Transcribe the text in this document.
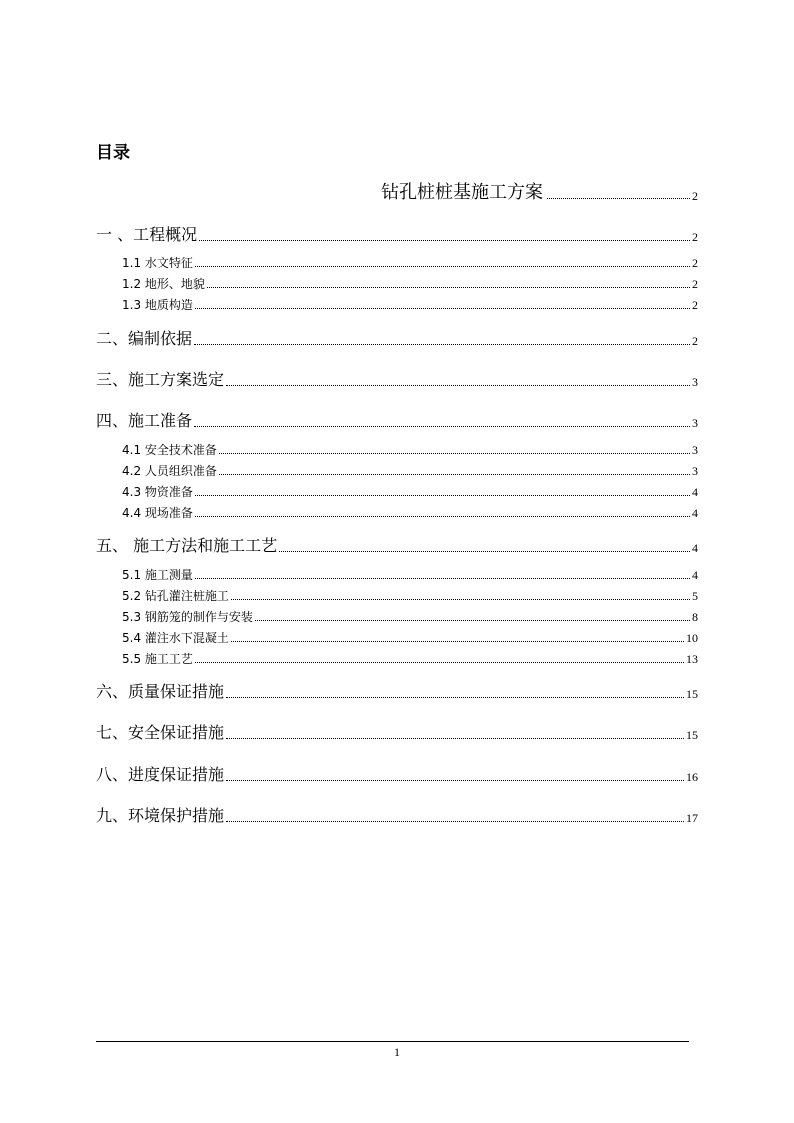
目录
钻孔桩桩基施工方案	2
一 、工程概况	2
1.1 水文特征	2
1.2 地形、地貌	2
1.3 地质构造	2
二、编制依据	2
三、施工方案选定	3
四、施工准备	3
4.1 安全技术准备	3
4.2 人员组织准备	3
4.3 物资准备	4
4.4 现场准备	4
五、 施工方法和施工工艺	4
5.1 施工测量	4
5.2 钻孔灌注桩施工	5
5.3 钢筋笼的制作与安装	8
5.4 灌注水下混凝土	10
5.5 施工工艺	13
六、质量保证措施	15
七、安全保证措施	15
八、进度保证措施	16
九、环境保护措施	17
1
